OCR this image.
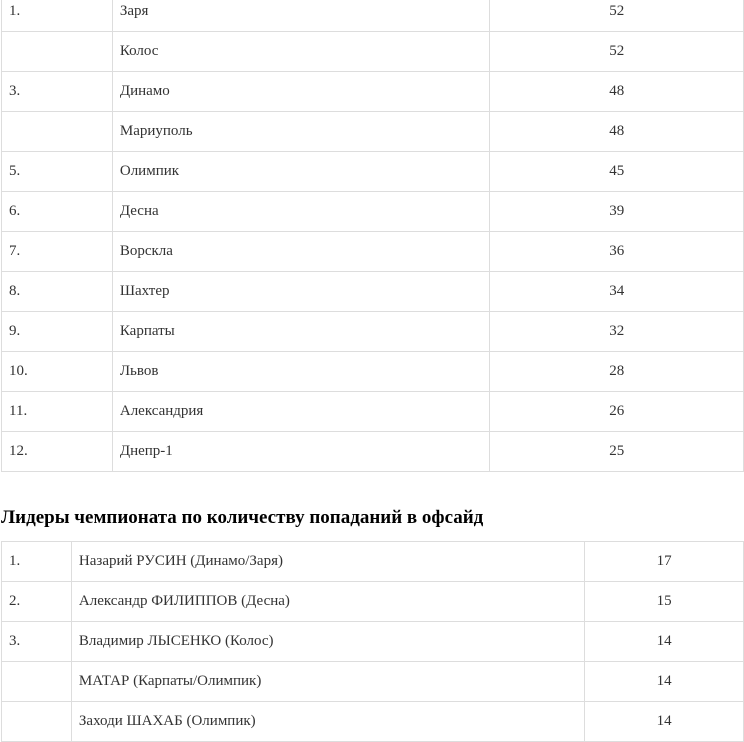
1.	Заря	52
	Колос	52
3.	Динамо	48
	Мариуполь	48
5.	Олимпик	45
6.	Десна	39
7.	Ворскла	36
8.	Шахтер	34
9.	Карпаты	32
10.	Львов	28
11.	Александрия	26
12.	Днепр-1	25
Лидеры чемпионата по количеству попаданий в офсайд
1.	Назарий РУСИН (Динамо/Заря)	17
2.	Александр ФИЛИППОВ (Десна)	15
3.	Владимир ЛЫСЕНКО (Колос)	14
	МАТАР (Карпаты/Олимпик)	14
	Заходи ШАХАБ (Олимпик)	14
